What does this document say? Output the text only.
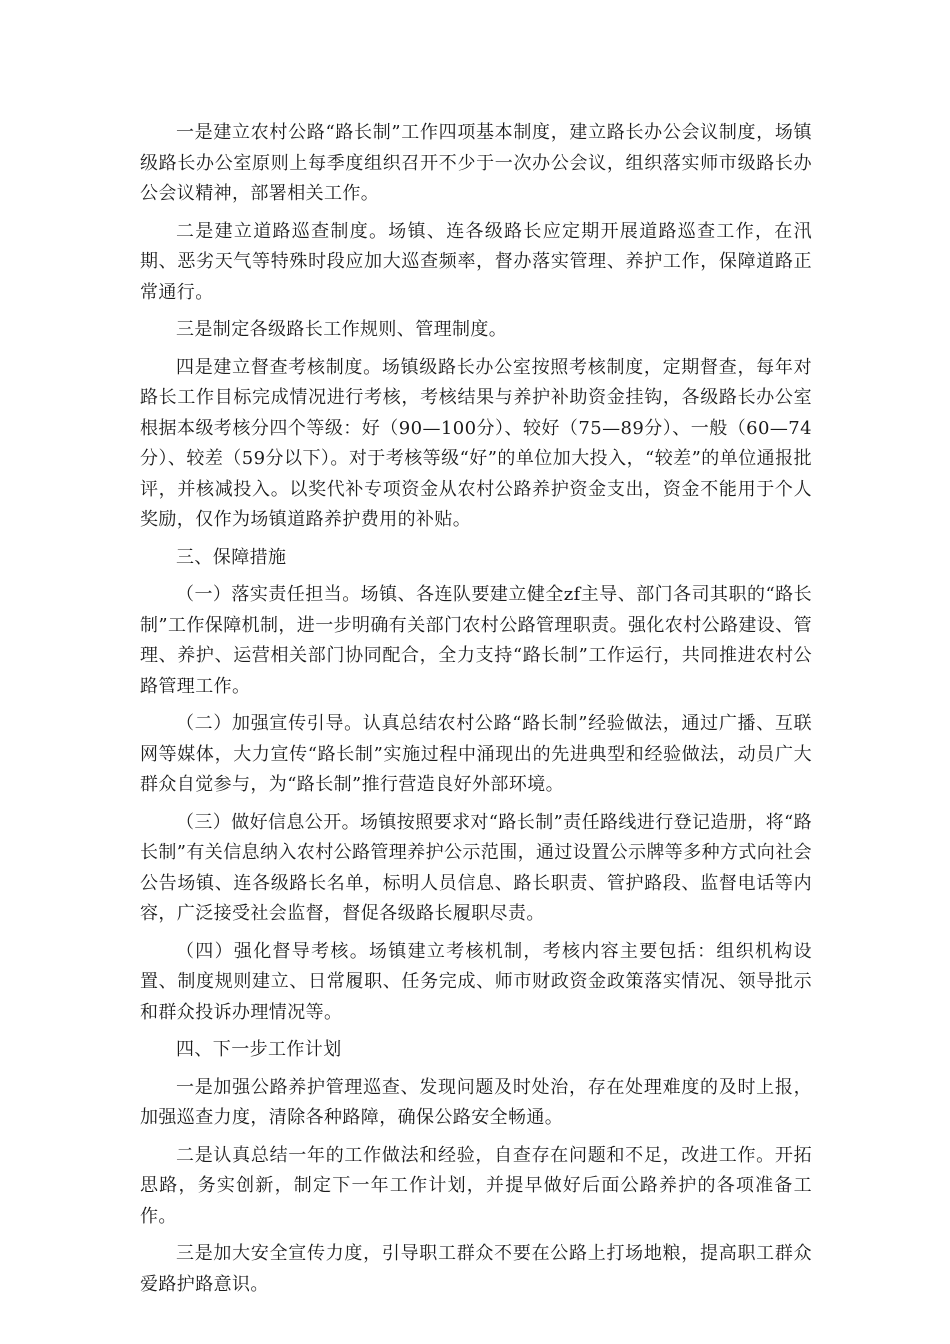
一是建立农村公路“路长制”工作四项基本制度，建立路长办公会议制度，场镇级路长办公室原则上每季度组织召开不少于一次办公会议，组织落实师市级路长办公会议精神，部署相关工作。

二是建立道路巡查制度。场镇、连各级路长应定期开展道路巡查工作，在汛期、恶劣天气等特殊时段应加大巡查频率，督办落实管理、养护工作，保障道路正常通行。

三是制定各级路长工作规则、管理制度。

四是建立督查考核制度。场镇级路长办公室按照考核制度，定期督查，每年对路长工作目标完成情况进行考核，考核结果与养护补助资金挂钩，各级路长办公室根据本级考核分四个等级：好（90—100分）、较好（75—89分）、一般（60—74分）、较差（59分以下）。对于考核等级“好”的单位加大投入，“较差”的单位通报批评，并核减投入。以奖代补专项资金从农村公路养护资金支出，资金不能用于个人奖励，仅作为场镇道路养护费用的补贴。

三、保障措施

（一）落实责任担当。场镇、各连队要建立健全zf主导、部门各司其职的“路长制”工作保障机制，进一步明确有关部门农村公路管理职责。强化农村公路建设、管理、养护、运营相关部门协同配合，全力支持“路长制”工作运行，共同推进农村公路管理工作。

（二）加强宣传引导。认真总结农村公路“路长制”经验做法，通过广播、互联网等媒体，大力宣传“路长制”实施过程中涌现出的先进典型和经验做法，动员广大群众自觉参与，为“路长制”推行营造良好外部环境。

（三）做好信息公开。场镇按照要求对“路长制”责任路线进行登记造册，将“路长制”有关信息纳入农村公路管理养护公示范围，通过设置公示牌等多种方式向社会公告场镇、连各级路长名单，标明人员信息、路长职责、管护路段、监督电话等内容，广泛接受社会监督，督促各级路长履职尽责。

（四）强化督导考核。场镇建立考核机制，考核内容主要包括：组织机构设置、制度规则建立、日常履职、任务完成、师市财政资金政策落实情况、领导批示和群众投诉办理情况等。

四、下一步工作计划

一是加强公路养护管理巡查、发现问题及时处治，存在处理难度的及时上报，加强巡查力度，清除各种路障，确保公路安全畅通。

二是认真总结一年的工作做法和经验，自查存在问题和不足，改进工作。开拓思路，务实创新，制定下一年工作计划，并提早做好后面公路养护的各项准备工作。

三是加大安全宣传力度，引导职工群众不要在公路上打场地粮，提高职工群众爱路护路意识。
